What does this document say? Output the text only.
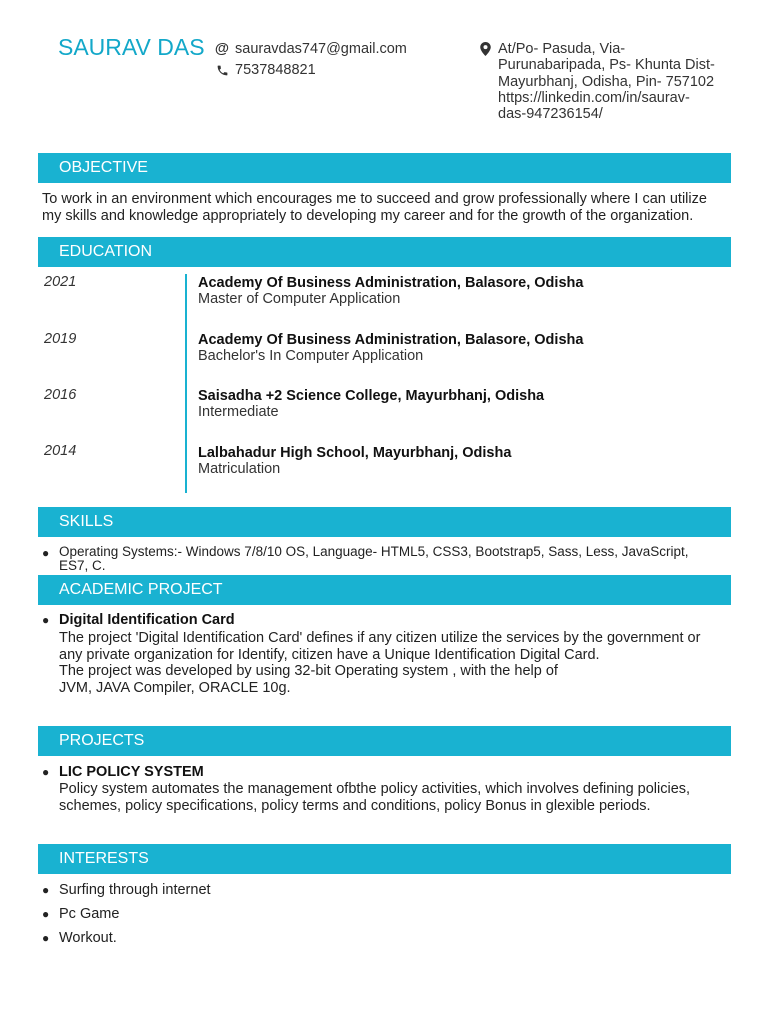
SAURAV DAS @ sauravdas747@gmail.com
7537848821
At/Po- Pasuda, Via-
Purunabaripada, Ps- Khunta Dist-
Mayurbhanj, Odisha, Pin- 757102
https://linkedin.com/in/saurav-
das-947236154/
OBJECTIVE
To work in an environment which encourages me to succeed and grow professionally where I can utilize
my skills and knowledge appropriately to developing my career and for the growth of the organization.
EDUCATION
2021	Academy Of Business Administration, Balasore, Odisha
Master of Computer Application
2019	Academy Of Business Administration, Balasore, Odisha
Bachelor's In Computer Application
2016	Saisadha +2 Science College, Mayurbhanj, Odisha
Intermediate
2014	Lalbahadur High School, Mayurbhanj, Odisha
Matriculation
SKILLS
● Operating Systems:- Windows 7/8/10 OS, Language- HTML5, CSS3, Bootstrap5, Sass, Less, JavaScript, ES7, C.
ACADEMIC PROJECT
● Digital Identification Card
The project 'Digital Identification Card' defines if any citizen utilize the services by the government or
any private organization for Identify, citizen have a Unique Identification Digital Card.
The project was developed by using 32-bit Operating system , with the help of
JVM, JAVA Compiler, ORACLE 10g.
PROJECTS
● LIC POLICY SYSTEM
Policy system automates the management ofbthe policy activities, which involves defining policies,
schemes, policy specifications, policy terms and conditions, policy Bonus in glexible periods.
INTERESTS
● Surfing through internet
● Pc Game
● Workout.
